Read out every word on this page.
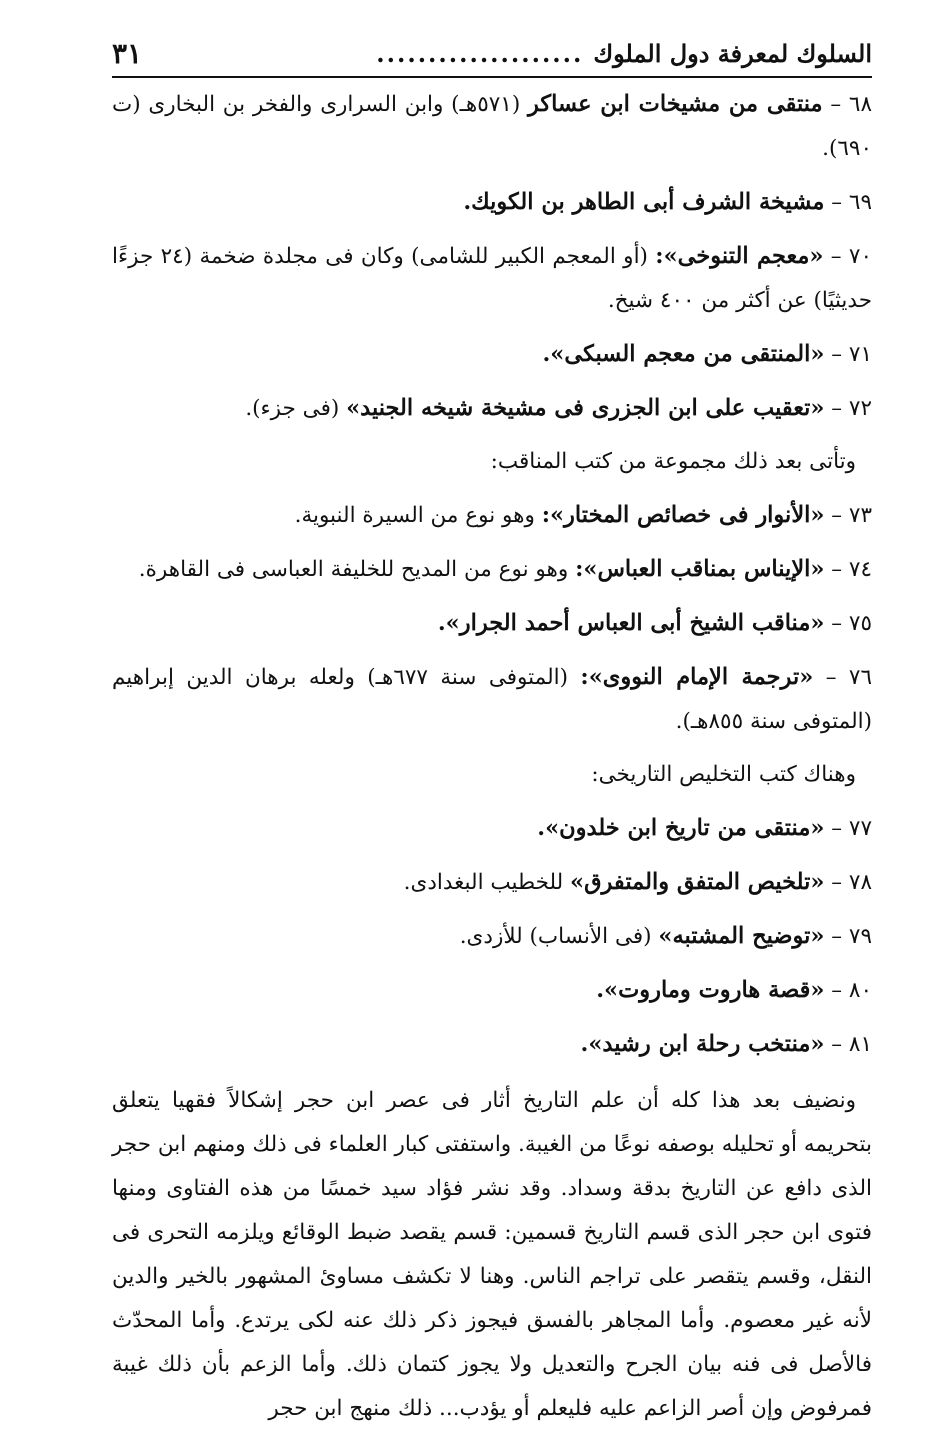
السلوك لمعرفة دول الملوك
....................
٣١

٦٨ – منتقى من مشيخات ابن عساكر (٥٧١هـ) وابن السرارى والفخر بن البخارى (ت ٦٩٠).

٦٩ – مشيخة الشرف أبى الطاهر بن الكويك.

٧٠ – «معجم التنوخى»: (أو المعجم الكبير للشامى) وكان فى مجلدة ضخمة (٢٤ جزءًا حديثيًا) عن أكثر من ٤٠٠ شيخ.

٧١ – «المنتقى من معجم السبكى».

٧٢ – «تعقيب على ابن الجزرى فى مشيخة شيخه الجنيد» (فى جزء).

وتأتى بعد ذلك مجموعة من كتب المناقب:

٧٣ – «الأنوار فى خصائص المختار»: وهو نوع من السيرة النبوية.

٧٤ – «الإيناس بمناقب العباس»: وهو نوع من المديح للخليفة العباسى فى القاهرة.

٧٥ – «مناقب الشيخ أبى العباس أحمد الجرار».

٧٦ – «ترجمة الإمام النووى»: (المتوفى سنة ٦٧٧هـ) ولعله برهان الدين إبراهيم (المتوفى سنة ٨٥٥هـ).

وهناك كتب التخليص التاريخى:

٧٧ – «منتقى من تاريخ ابن خلدون».

٧٨ – «تلخيص المتفق والمتفرق» للخطيب البغدادى.

٧٩ – «توضيح المشتبه» (فى الأنساب) للأزدى.

٨٠ – «قصة هاروت وماروت».

٨١ – «منتخب رحلة ابن رشيد».

ونضيف بعد هذا كله أن علم التاريخ أثار فى عصر ابن حجر إشكالاً فقهيا يتعلق بتحريمه أو تحليله بوصفه نوعًا من الغيبة. واستفتى كبار العلماء فى ذلك ومنهم ابن حجر الذى دافع عن التاريخ بدقة وسداد. وقد نشر فؤاد سيد خمسًا من هذه الفتاوى ومنها فتوى ابن حجر الذى قسم التاريخ قسمين: قسم يقصد ضبط الوقائع ويلزمه التحرى فى النقل، وقسم يتقصر على تراجم الناس. وهنا لا تكشف مساوئ المشهور بالخير والدين لأنه غير معصوم. وأما المجاهر بالفسق فيجوز ذكر ذلك عنه لكى يرتدع. وأما المحدّث فالأصل فى فنه بيان الجرح والتعديل ولا يجوز كتمان ذلك. وأما الزعم بأن ذلك غيبة فمرفوض وإن أصر الزاعم عليه فليعلم أو يؤدب... ذلك منهج ابن حجر
